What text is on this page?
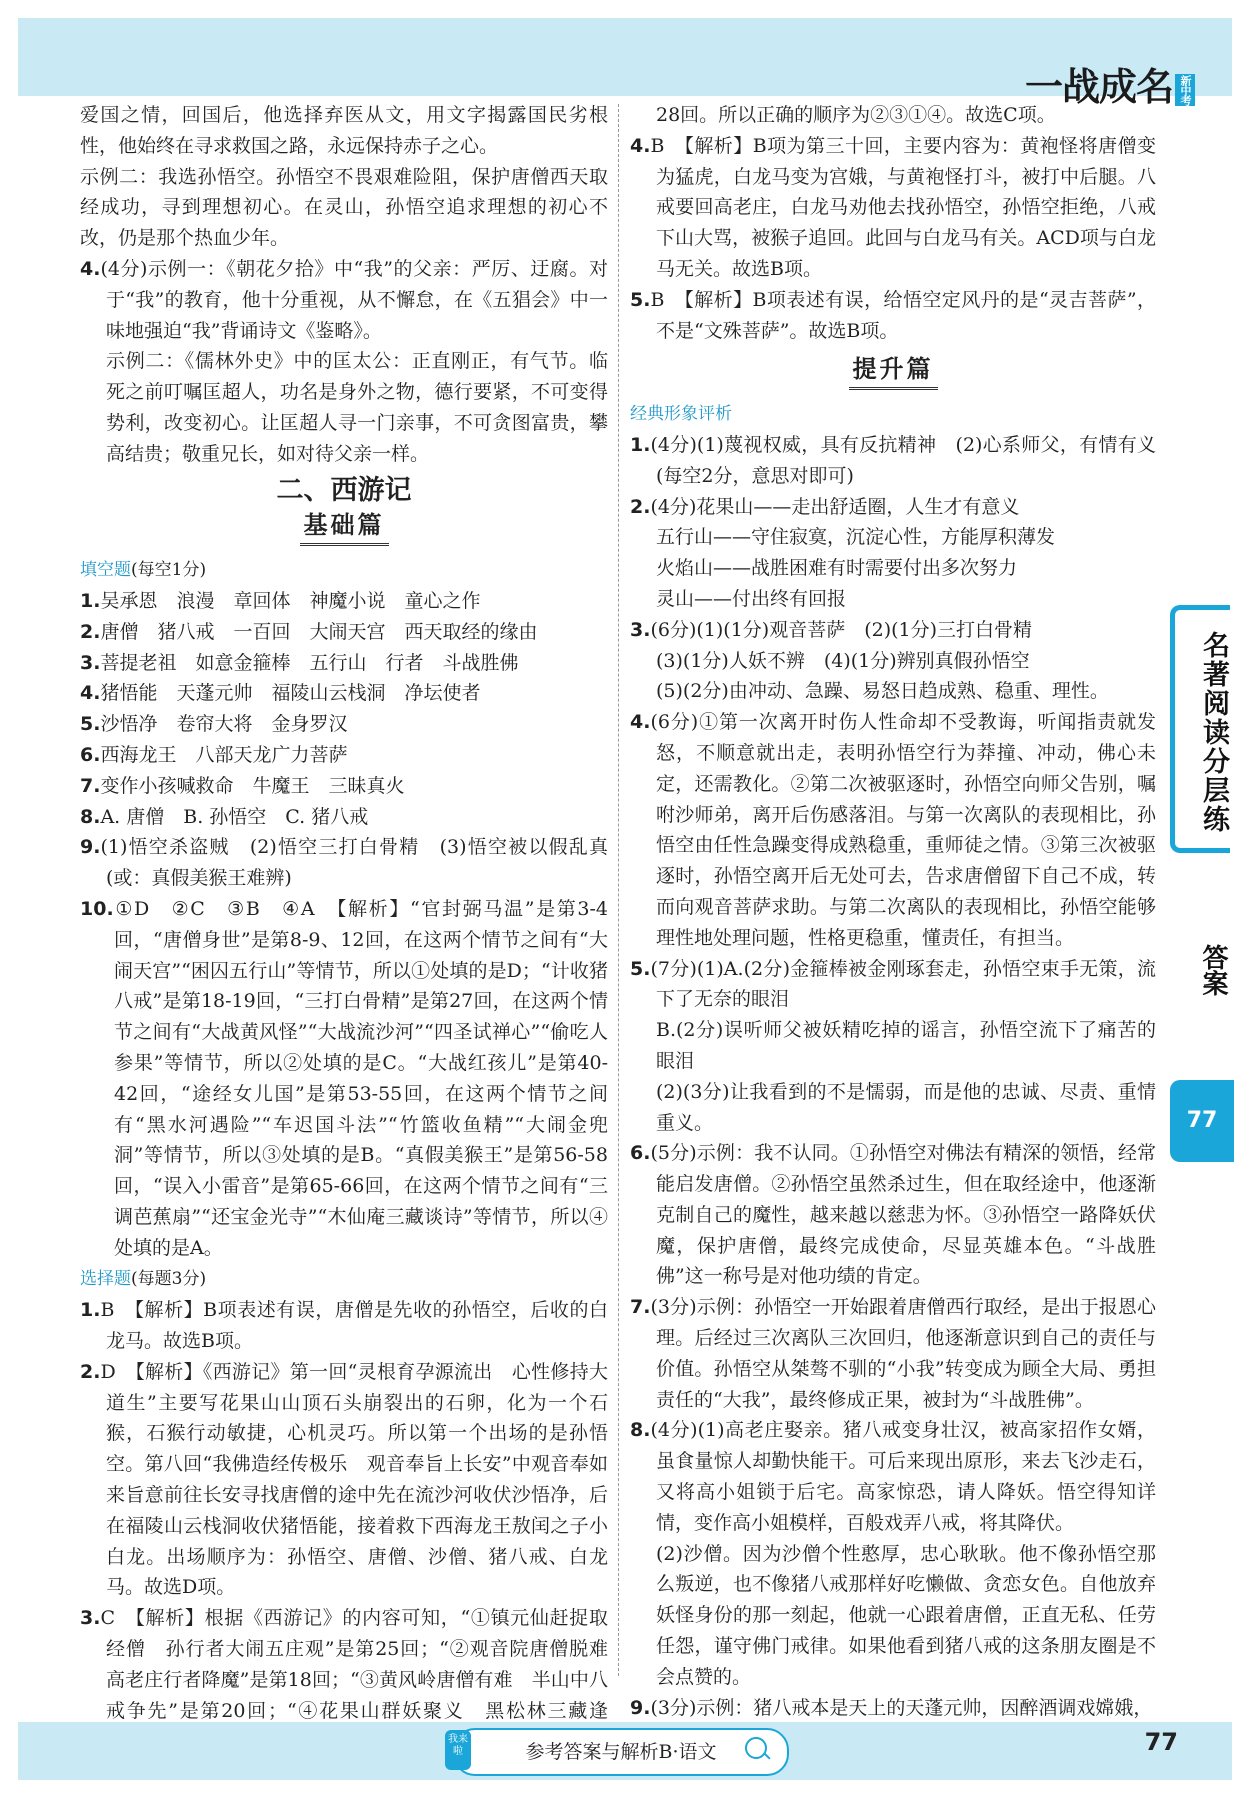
一战成名 新中考

爱国之情，回国后，他选择弃医从文，用文字揭露国民劣根性，他始终在寻求救国之路，永远保持赤子之心。

示例二：我选孙悟空。孙悟空不畏艰难险阻，保护唐僧西天取经成功，寻到理想初心。在灵山，孙悟空追求理想的初心不改，仍是那个热血少年。

4.(4分)示例一：《朝花夕拾》中“我”的父亲：严厉、迂腐。对于“我”的教育，他十分重视，从不懈怠，在《五猖会》中一味地强迫“我”背诵诗文《鉴略》。

示例二：《儒林外史》中的匡太公：正直刚正，有气节。临死之前叮嘱匡超人，功名是身外之物，德行要紧，不可变得势利，改变初心。让匡超人寻一门亲事，不可贪图富贵，攀高结贵；敬重兄长，如对待父亲一样。

二、西游记
基础篇

填空题(每空1分)

1.吴承恩　浪漫　章回体　神魔小说　童心之作

2.唐僧　猪八戒　一百回　大闹天宫　西天取经的缘由

3.菩提老祖　如意金箍棒　五行山　行者　斗战胜佛

4.猪悟能　天蓬元帅　福陵山云栈洞　净坛使者

5.沙悟净　卷帘大将　金身罗汉

6.西海龙王　八部天龙广力菩萨

7.变作小孩喊救命　牛魔王　三昧真火

8.A. 唐僧　B. 孙悟空　C. 猪八戒

9.(1)悟空杀盗贼　(2)悟空三打白骨精　(3)悟空被以假乱真(或：真假美猴王难辨)

10.①D　②C　③B　④A　【解析】“官封弼马温”是第3-4回，“唐僧身世”是第8-9、12回，在这两个情节之间有“大闹天宫”“困囚五行山”等情节，所以①处填的是D；“计收猪八戒”是第18-19回，“三打白骨精”是第27回，在这两个情节之间有“大战黄风怪”“大战流沙河”“四圣试禅心”“偷吃人参果”等情节，所以②处填的是C。“大战红孩儿”是第40-42回，“途经女儿国”是第53-55回，在这两个情节之间有“黑水河遇险”“车迟国斗法”“竹篮收鱼精”“大闹金兜洞”等情节，所以③处填的是B。“真假美猴王”是第56-58回，“误入小雷音”是第65-66回，在这两个情节之间有“三调芭蕉扇”“还宝金光寺”“木仙庵三藏谈诗”等情节，所以④处填的是A。

选择题(每题3分)

1.B　【解析】B项表述有误，唐僧是先收的孙悟空，后收的白龙马。故选B项。

2.D　【解析】《西游记》第一回“灵根育孕源流出　心性修持大道生”主要写花果山山顶石头崩裂出的石卵，化为一个石猴，石猴行动敏捷，心机灵巧。所以第一个出场的是孙悟空。第八回“我佛造经传极乐　观音奉旨上长安”中观音奉如来旨意前往长安寻找唐僧的途中先在流沙河收伏沙悟净，后在福陵山云栈洞收伏猪悟能，接着救下西海龙王敖闰之子小白龙。出场顺序为：孙悟空、唐僧、沙僧、猪八戒、白龙马。故选D项。

3.C　【解析】根据《西游记》的内容可知，“①镇元仙赶捉取经僧　孙行者大闹五庄观”是第25回；“②观音院唐僧脱难　高老庄行者降魔”是第18回；“③黄风岭唐僧有难　半山中八戒争先”是第20回；“④花果山群妖聚义　黑松林三藏逢

28回。所以正确的顺序为②③①④。故选C项。

4.B　【解析】B项为第三十回，主要内容为：黄袍怪将唐僧变为猛虎，白龙马变为宫娥，与黄袍怪打斗，被打中后腿。八戒要回高老庄，白龙马劝他去找孙悟空，孙悟空拒绝，八戒下山大骂，被猴子追回。此回与白龙马有关。ACD项与白龙马无关。故选B项。

5.B　【解析】B项表述有误，给悟空定风丹的是“灵吉菩萨”，不是“文殊菩萨”。故选B项。

提升篇

经典形象评析

1.(4分)(1)蔑视权威，具有反抗精神　(2)心系师父，有情有义(每空2分，意思对即可)

2.(4分)花果山——走出舒适圈，人生才有意义

五行山——守住寂寞，沉淀心性，方能厚积薄发

火焰山——战胜困难有时需要付出多次努力

灵山——付出终有回报

3.(6分)(1)(1分)观音菩萨　(2)(1分)三打白骨精

(3)(1分)人妖不辨　(4)(1分)辨别真假孙悟空

(5)(2分)由冲动、急躁、易怒日趋成熟、稳重、理性。

4.(6分)①第一次离开时伤人性命却不受教诲，听闻指责就发怒，不顺意就出走，表明孙悟空行为莽撞、冲动，佛心未定，还需教化。②第二次被驱逐时，孙悟空向师父告别，嘱咐沙师弟，离开后伤感落泪。与第一次离队的表现相比，孙悟空由任性急躁变得成熟稳重，重师徒之情。③第三次被驱逐时，孙悟空离开后无处可去，告求唐僧留下自己不成，转而向观音菩萨求助。与第二次离队的表现相比，孙悟空能够理性地处理问题，性格更稳重，懂责任，有担当。

5.(7分)(1)A.(2分)金箍棒被金刚琢套走，孙悟空束手无策，流下了无奈的眼泪

B.(2分)误听师父被妖精吃掉的谣言，孙悟空流下了痛苦的眼泪

(2)(3分)让我看到的不是懦弱，而是他的忠诚、尽责、重情重义。

6.(5分)示例：我不认同。①孙悟空对佛法有精深的领悟，经常能启发唐僧。②孙悟空虽然杀过生，但在取经途中，他逐渐克制自己的魔性，越来越以慈悲为怀。③孙悟空一路降妖伏魔，保护唐僧，最终完成使命，尽显英雄本色。“斗战胜佛”这一称号是对他功绩的肯定。

7.(3分)示例：孙悟空一开始跟着唐僧西行取经，是出于报恩心理。后经过三次离队三次回归，他逐渐意识到自己的责任与价值。孙悟空从桀骜不驯的“小我”转变成为顾全大局、勇担责任的“大我”，最终修成正果，被封为“斗战胜佛”。

8.(4分)(1)高老庄娶亲。猪八戒变身壮汉，被高家招作女婿，虽食量惊人却勤快能干。可后来现出原形，来去飞沙走石，又将高小姐锁于后宅。高家惊恐，请人降妖。悟空得知详情，变作高小姐模样，百般戏弄八戒，将其降伏。

(2)沙僧。因为沙僧个性憨厚，忠心耿耿。他不像孙悟空那么叛逆，也不像猪八戒那样好吃懒做、贪恋女色。自他放弃妖怪身份的那一刻起，他就一心跟着唐僧，正直无私、任劳任怨，谨守佛门戒律。如果他看到猪八戒的这条朋友圈是不会点赞的。

9.(3分)示例：猪八戒本是天上的天蓬元帅，因醉酒调戏嫦娥，

名著阅读分层练
答案
77
参考答案与解析B·语文
我来啦	77
